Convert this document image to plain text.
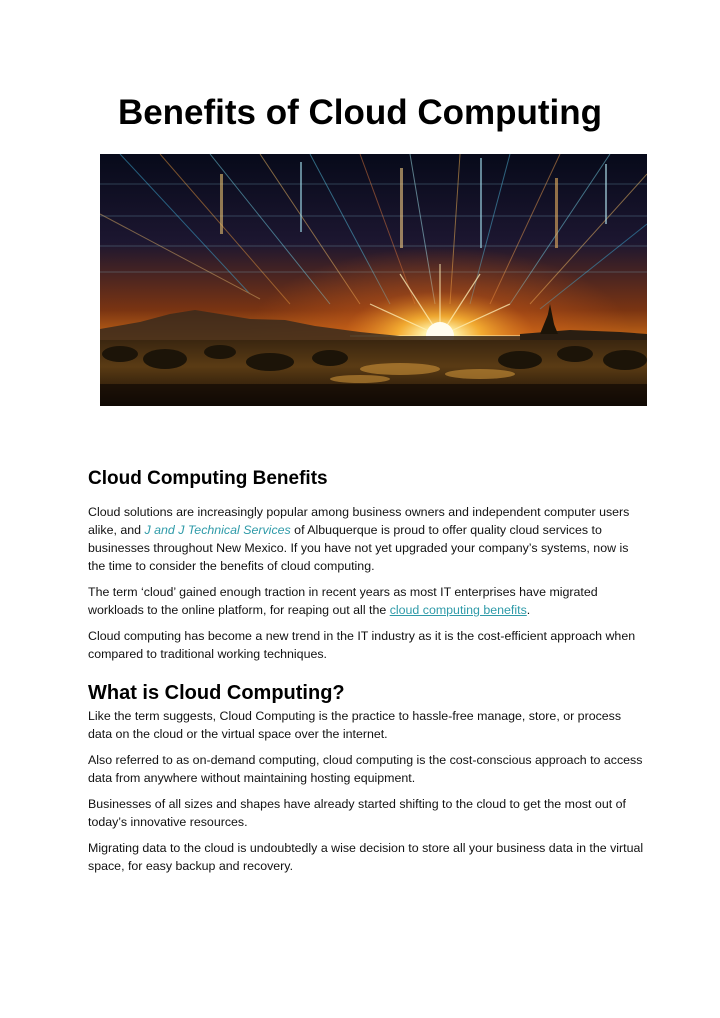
Benefits of Cloud Computing
Cloud Computing Benefits

Cloud solutions are increasingly popular among business owners and independent computer users alike, and J and J Technical Services of Albuquerque is proud to offer quality cloud services to businesses throughout New Mexico. If you have not yet upgraded your company’s systems, now is the time to consider the benefits of cloud computing.

The term ‘cloud’ gained enough traction in recent years as most IT enterprises have migrated workloads to the online platform, for reaping out all the cloud computing benefits.

Cloud computing has become a new trend in the IT industry as it is the cost-efficient approach when compared to traditional working techniques.

What is Cloud Computing?

Like the term suggests, Cloud Computing is the practice to hassle-free manage, store, or process data on the cloud or the virtual space over the internet.

Also referred to as on-demand computing, cloud computing is the cost-conscious approach to access data from anywhere without maintaining hosting equipment.

Businesses of all sizes and shapes have already started shifting to the cloud to get the most out of today’s innovative resources.

Migrating data to the cloud is undoubtedly a wise decision to store all your business data in the virtual space, for easy backup and recovery.
